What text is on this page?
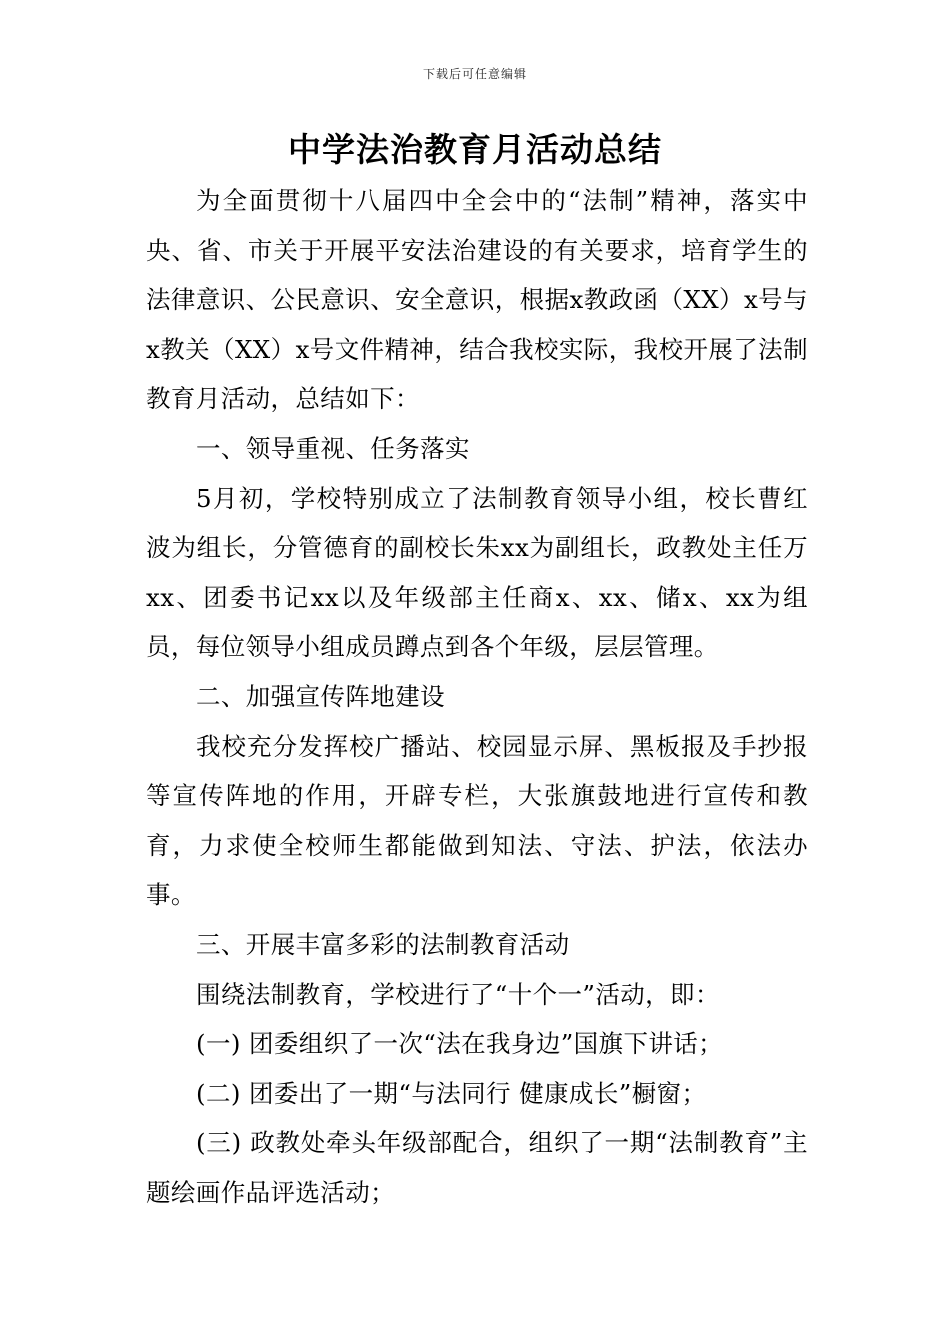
下载后可任意编辑
中学法治教育月活动总结

为全面贯彻十八届四中全会中的“法制”精神，落实中央、省、市关于开展平安法治建设的有关要求，培育学生的法律意识、公民意识、安全意识，根据x教政函（XX）x号与x教关（XX）x号文件精神，结合我校实际，我校开展了法制教育月活动，总结如下：

一、领导重视、任务落实

5月初，学校特别成立了法制教育领导小组，校长曹红波为组长，分管德育的副校长朱xx为副组长，政教处主任万xx、团委书记xx以及年级部主任商x、xx、储x、xx为组员，每位领导小组成员蹲点到各个年级，层层管理。

二、加强宣传阵地建设

我校充分发挥校广播站、校园显示屏、黑板报及手抄报等宣传阵地的作用，开辟专栏，大张旗鼓地进行宣传和教育，力求使全校师生都能做到知法、守法、护法，依法办事。

三、开展丰富多彩的法制教育活动

围绕法制教育，学校进行了“十个一”活动，即：

(一) 团委组织了一次“法在我身边”国旗下讲话；

(二) 团委出了一期“与法同行 健康成长”橱窗；

(三) 政教处牵头年级部配合，组织了一期“法制教育”主题绘画作品评选活动；
